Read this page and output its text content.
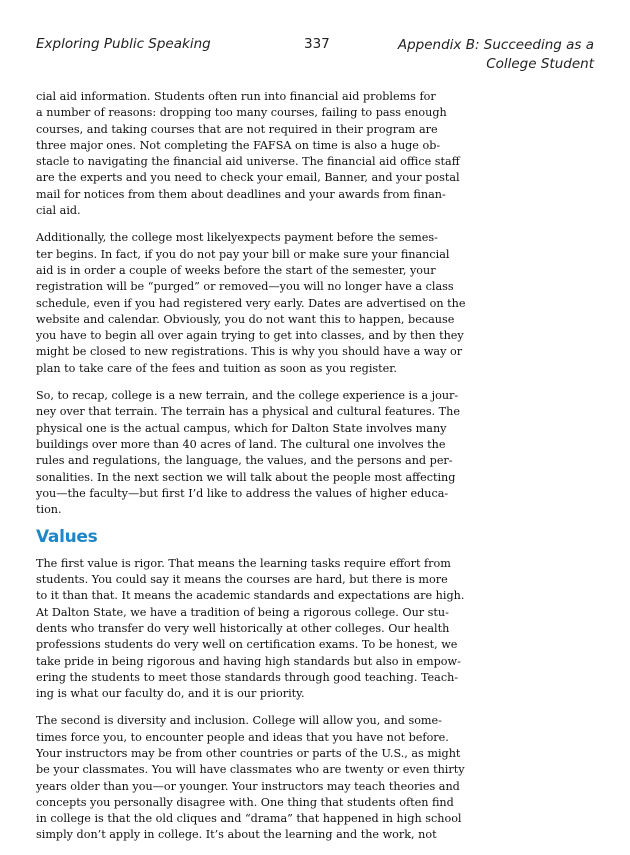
Exploring Public Speaking	337	Appendix B: Succeeding as a
College Student

cial aid information. Students often run into financial aid problems for
a number of reasons: dropping too many courses, failing to pass enough
courses, and taking courses that are not required in their program are
three major ones. Not completing the FAFSA on time is also a huge ob-
stacle to navigating the financial aid universe. The financial aid office staff
are the experts and you need to check your email, Banner, and your postal
mail for notices from them about deadlines and your awards from finan-
cial aid.

Additionally, the college most likelyexpects payment before the semes-
ter begins. In fact, if you do not pay your bill or make sure your financial
aid is in order a couple of weeks before the start of the semester, your
registration will be “purged” or removed—you will no longer have a class
schedule, even if you had registered very early. Dates are advertised on the
website and calendar. Obviously, you do not want this to happen, because
you have to begin all over again trying to get into classes, and by then they
might be closed to new registrations. This is why you should have a way or
plan to take care of the fees and tuition as soon as you register.

So, to recap, college is a new terrain, and the college experience is a jour-
ney over that terrain. The terrain has a physical and cultural features. The
physical one is the actual campus, which for Dalton State involves many
buildings over more than 40 acres of land. The cultural one involves the
rules and regulations, the language, the values, and the persons and per-
sonalities. In the next section we will talk about the people most affecting
you—the faculty—but first I’d like to address the values of higher educa-
tion.

Values

The first value is rigor. That means the learning tasks require effort from
students. You could say it means the courses are hard, but there is more
to it than that. It means the academic standards and expectations are high.
At Dalton State, we have a tradition of being a rigorous college. Our stu-
dents who transfer do very well historically at other colleges. Our health
professions students do very well on certification exams. To be honest, we
take pride in being rigorous and having high standards but also in empow-
ering the students to meet those standards through good teaching. Teach-
ing is what our faculty do, and it is our priority.

The second is diversity and inclusion. College will allow you, and some-
times force you, to encounter people and ideas that you have not before.
Your instructors may be from other countries or parts of the U.S., as might
be your classmates. You will have classmates who are twenty or even thirty
years older than you—or younger. Your instructors may teach theories and
concepts you personally disagree with. One thing that students often find
in college is that the old cliques and “drama” that happened in high school
simply don’t apply in college. It’s about the learning and the work, not
